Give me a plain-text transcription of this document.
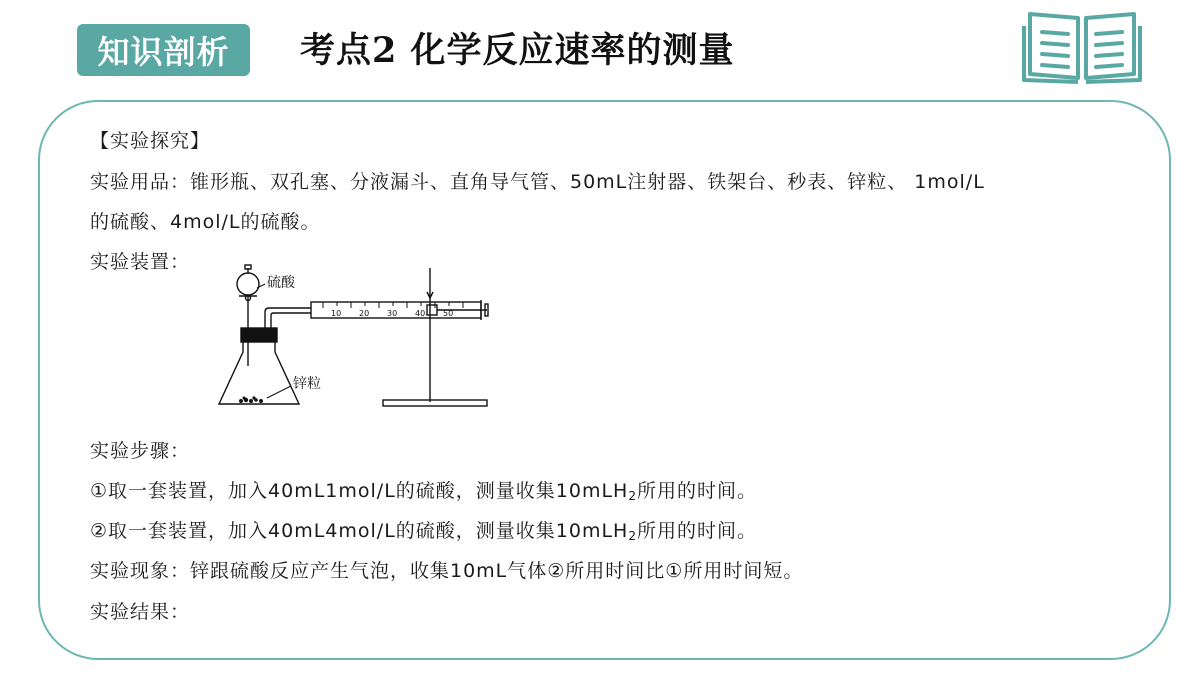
知识剖析	考点2 化学反应速率的测量
【实验探究】
实验用品：锥形瓶、双孔塞、分液漏斗、直角导气管、50mL注射器、铁架台、秒表、锌粒、 1mol/L
的硫酸、4mol/L的硫酸。
实验装置：
硫酸
锌粒
10 20 30 40 50
实验步骤：
①取一套装置，加入40mL1mol/L的硫酸，测量收集10mLH$_2$所用的时间。
②取一套装置，加入40mL4mol/L的硫酸，测量收集10mLH$_2$所用的时间。
实验现象：锌跟硫酸反应产生气泡，收集10mL气体②所用时间比①所用时间短。
实验结果：
